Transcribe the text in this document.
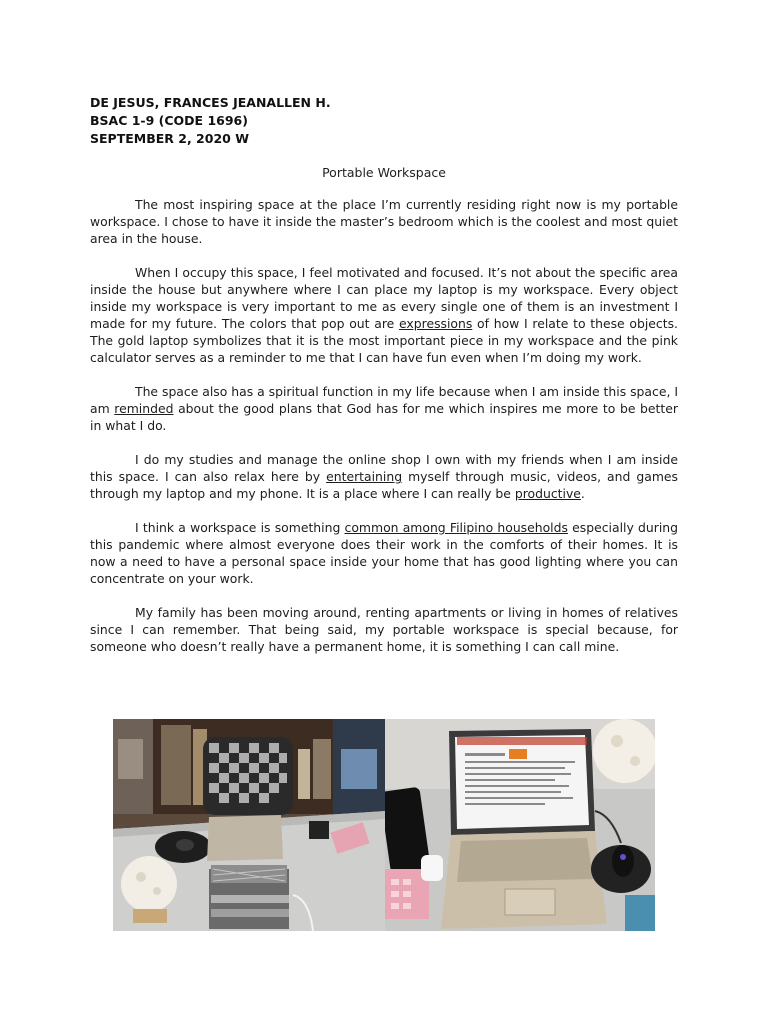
DE JESUS, FRANCES JEANALLEN H.
BSAC 1-9 (CODE 1696)
SEPTEMBER 2, 2020 W
Portable Workspace

The most inspiring space at the place I’m currently residing right now is my portable workspace. I chose to have it inside the master’s bedroom which is the coolest and most quiet area in the house.

When I occupy this space, I feel motivated and focused. It’s not about the specific area inside the house but anywhere where I can place my laptop is my workspace. Every object inside my workspace is very important to me as every single one of them is an investment I made for my future. The colors that pop out are expressions of how I relate to these objects. The gold laptop symbolizes that it is the most important piece in my workspace and the pink calculator serves as a reminder to me that I can have fun even when I’m doing my work.

The space also has a spiritual function in my life because when I am inside this space, I am reminded about the good plans that God has for me which inspires me more to be better in what I do.

I do my studies and manage the online shop I own with my friends when I am inside this space. I can also relax here by entertaining myself through music, videos, and games through my laptop and my phone. It is a place where I can really be productive.

I think a workspace is something common among Filipino households especially during this pandemic where almost everyone does their work in the comforts of their homes. It is now a need to have a personal space inside your home that has good lighting where you can concentrate on your work.

My family has been moving around, renting apartments or living in homes of relatives since I can remember. That being said, my portable workspace is special because, for someone who doesn’t really have a permanent home, it is something I can call mine.
